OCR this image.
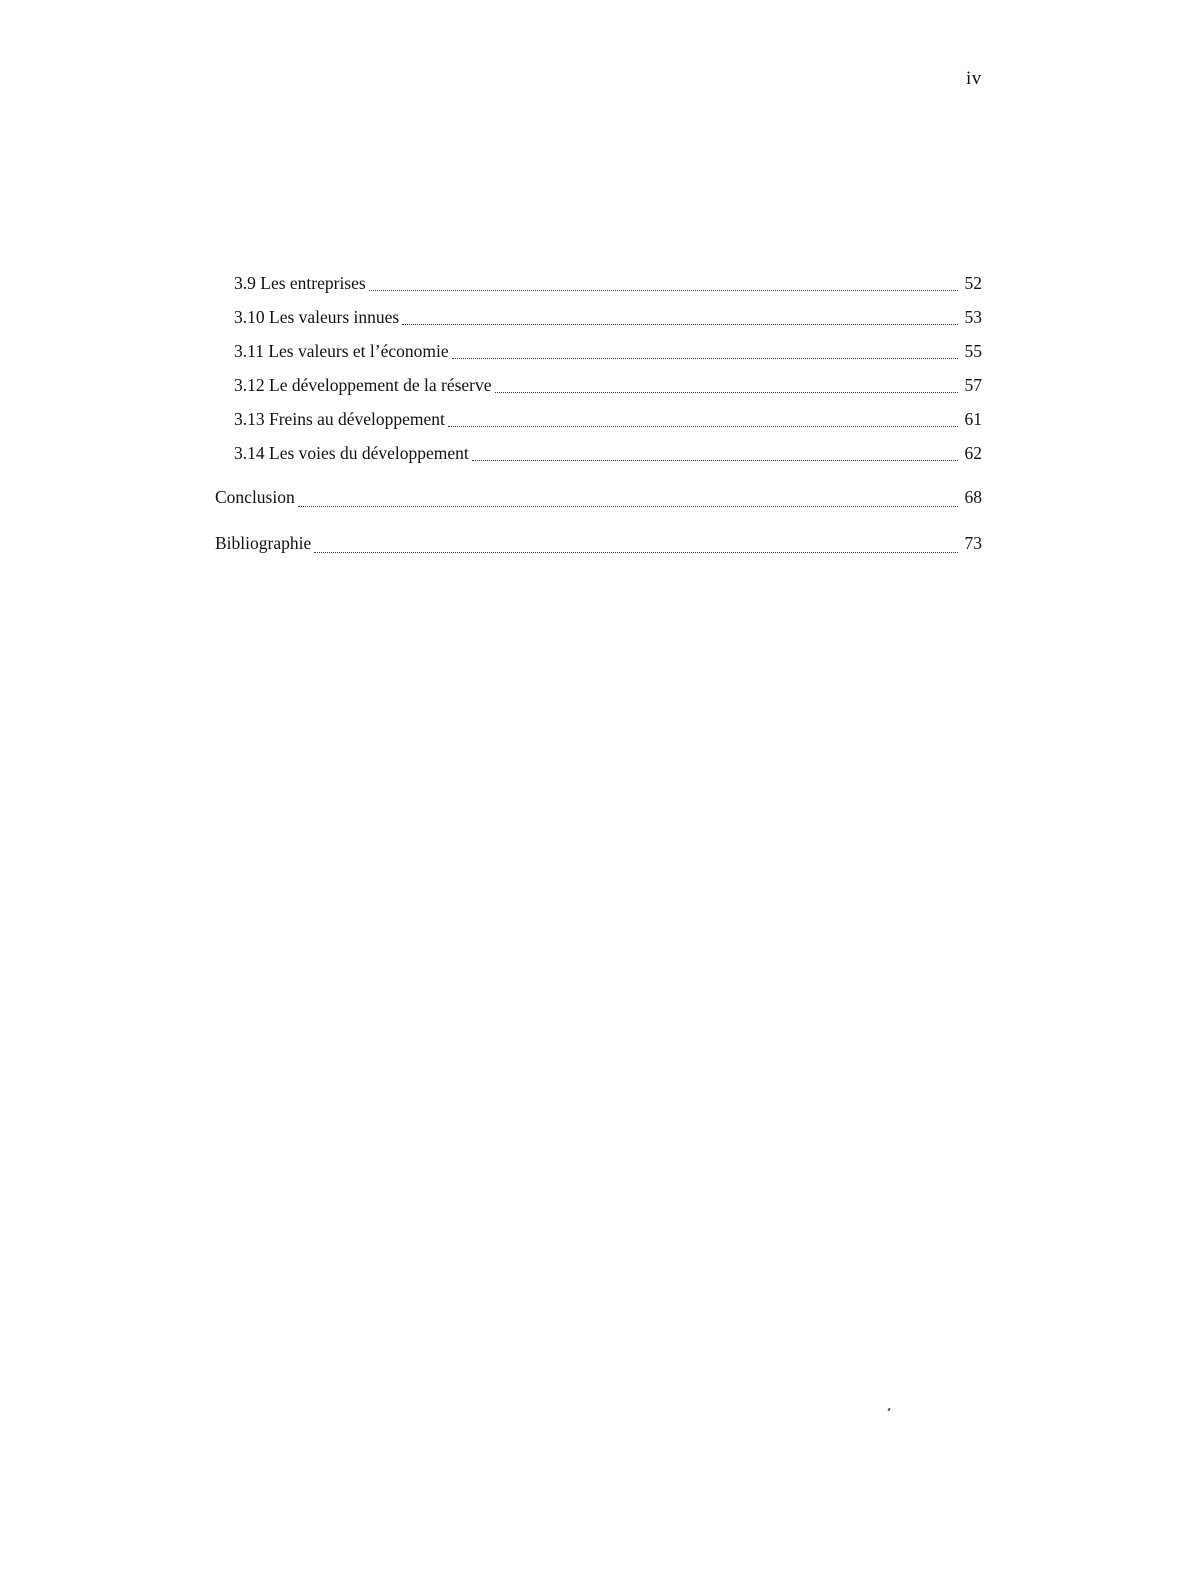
iv
3.9 Les entreprises	52
3.10 Les valeurs innues	53
3.11 Les valeurs et l’économie	55
3.12 Le développement de la réserve	57
3.13 Freins au développement	61
3.14 Les voies du développement	62
Conclusion	68
Bibliographie	73
